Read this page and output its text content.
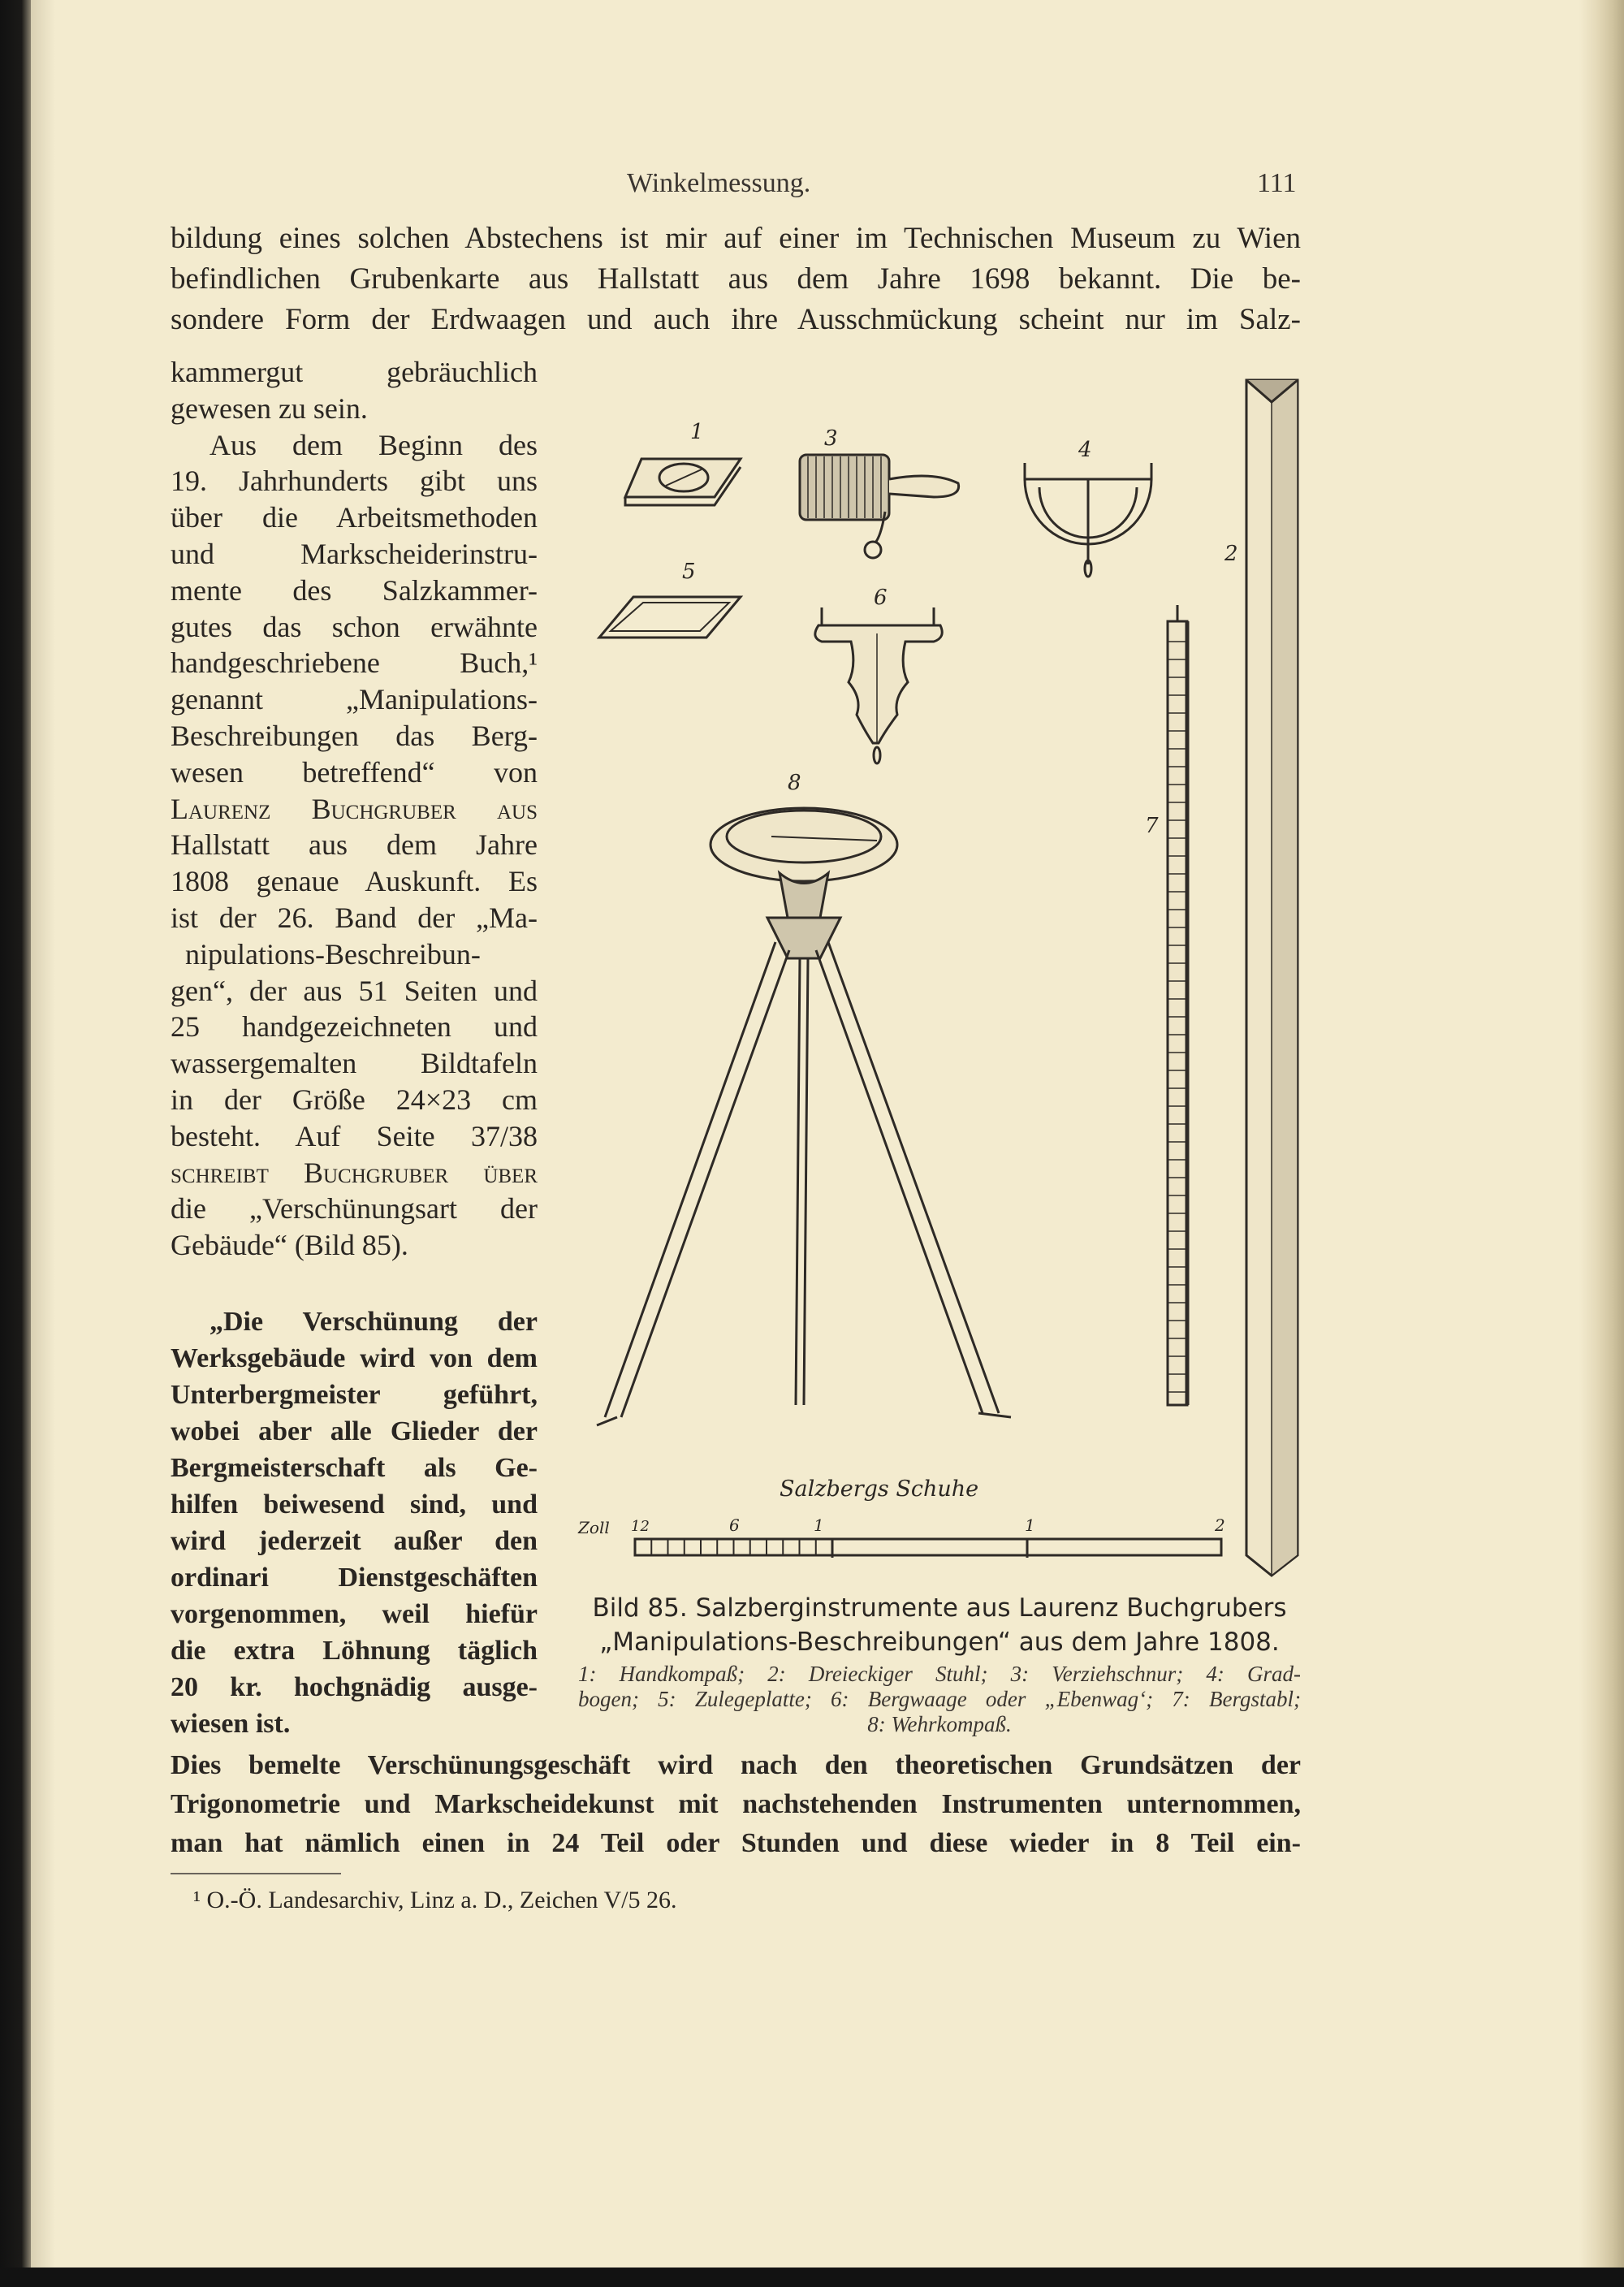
Winkelmessung.	111
bildung eines solchen Abstechens ist mir auf einer im Technischen Museum zu Wien
befindlichen Grubenkarte aus Hallstatt aus dem Jahre 1698 bekannt. Die be-
sondere Form der Erdwaagen und auch ihre Ausschmückung scheint nur im Salz-
kammergut gebräuchlich
gewesen zu sein.
Aus dem Beginn des
19. Jahrhunderts gibt uns
über die Arbeitsmethoden
und Markscheiderinstru-
mente des Salzkammer-
gutes das schon erwähnte
handgeschriebene Buch,¹
genannt „Manipulations-
Beschreibungen das Berg-
wesen betreffend“ von
Laurenz Buchgruber aus
Hallstatt aus dem Jahre
1808 genaue Auskunft. Es
ist der 26. Band der „Ma-
nipulations-Beschreibun-
gen“, der aus 51 Seiten und
25 handgezeichneten und
wassergemalten Bildtafeln
in der Größe 24×23 cm
besteht. Auf Seite 37/38
schreibt Buchgruber über
die „Verschünungsart der
Gebäude“ (Bild 85).
„Die Verschünung der
Werksgebäude wird von dem
Unterbergmeister geführt,
wobei aber alle Glieder der
Bergmeisterschaft als Ge-
hilfen beiwesend sind, und
wird jederzeit außer den
ordinari Dienstgeschäften
vorgenommen, weil hiefür
die extra Löhnung täglich
20 kr. hochgnädig ausge-
wiesen ist.
Dies bemelte Verschünungsgeschäft wird nach den theoretischen Grundsätzen der
Trigonometrie und Markscheidekunst mit nachstehenden Instrumenten unternommen,
man hat nämlich einen in 24 Teil oder Stunden und diese wieder in 8 Teil ein-
¹ O.-Ö. Landesarchiv, Linz a. D., Zeichen V/5 26.
1	3	4
2
5
6
7
8
Salzbergs Schuhe
Zoll 12	6	1	1	2
Bild 85. Salzberginstrumente aus Laurenz Buchgrubers
„Manipulations-Beschreibungen“ aus dem Jahre 1808.
1: Handkompaß; 2: Dreieckiger Stuhl; 3: Verziehschnur; 4: Grad-
bogen; 5: Zulegeplatte; 6: Bergwaage oder „Ebenwag‘; 7: Bergstabl;
8: Wehrkompaß.
